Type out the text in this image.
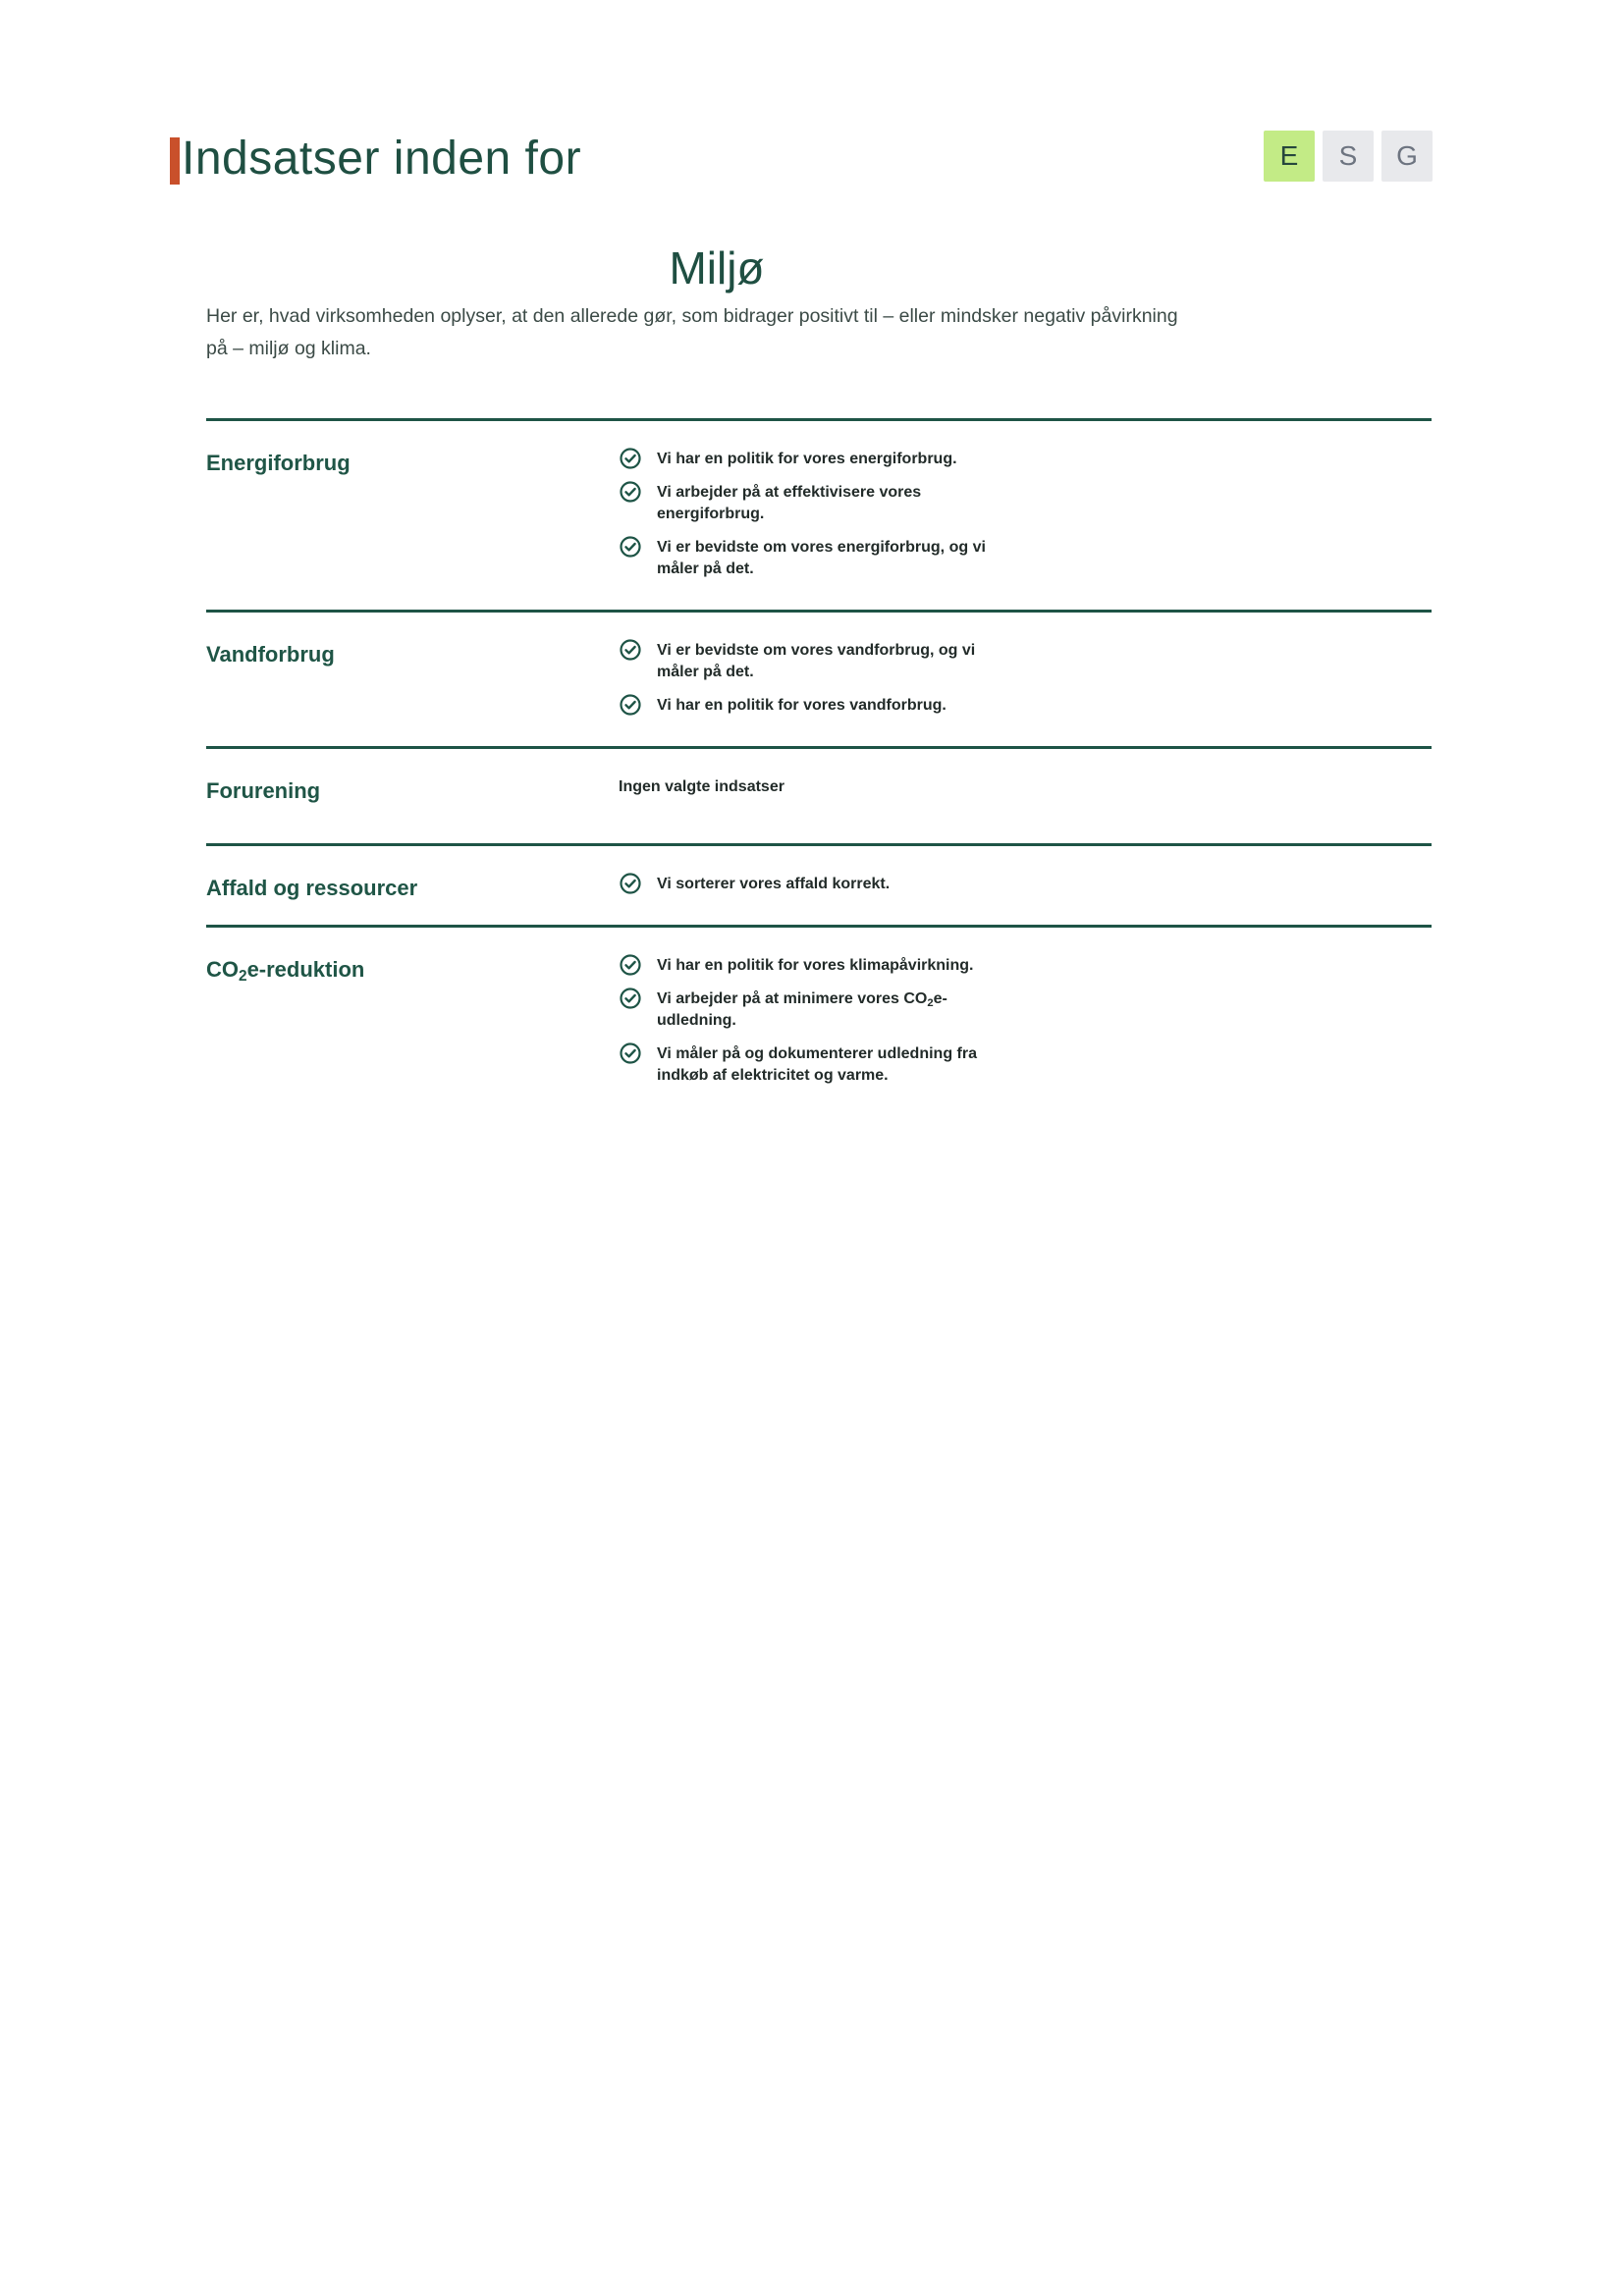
Indsatser inden for	E	S	G
Miljø
Her er, hvad virksomheden oplyser, at den allerede gør, som bidrager positivt til – eller mindsker negativ påvirkning på – miljø og klima.
Energiforbrug	Vi har en politik for vores energiforbrug.
Vi arbejder på at effektivisere vores energiforbrug.
Vi er bevidste om vores energiforbrug, og vi måler på det.
Vandforbrug	Vi er bevidste om vores vandforbrug, og vi måler på det.
Vi har en politik for vores vandforbrug.
Forurening	Ingen valgte indsatser
Affald og ressourcer	Vi sorterer vores affald korrekt.
$CO_2e$-reduktion	Vi har en politik for vores klimapåvirkning.
Vi arbejder på at minimere vores $CO_2e$-udledning.
Vi måler på og dokumenterer udledning fra indkøb af elektricitet og varme.
